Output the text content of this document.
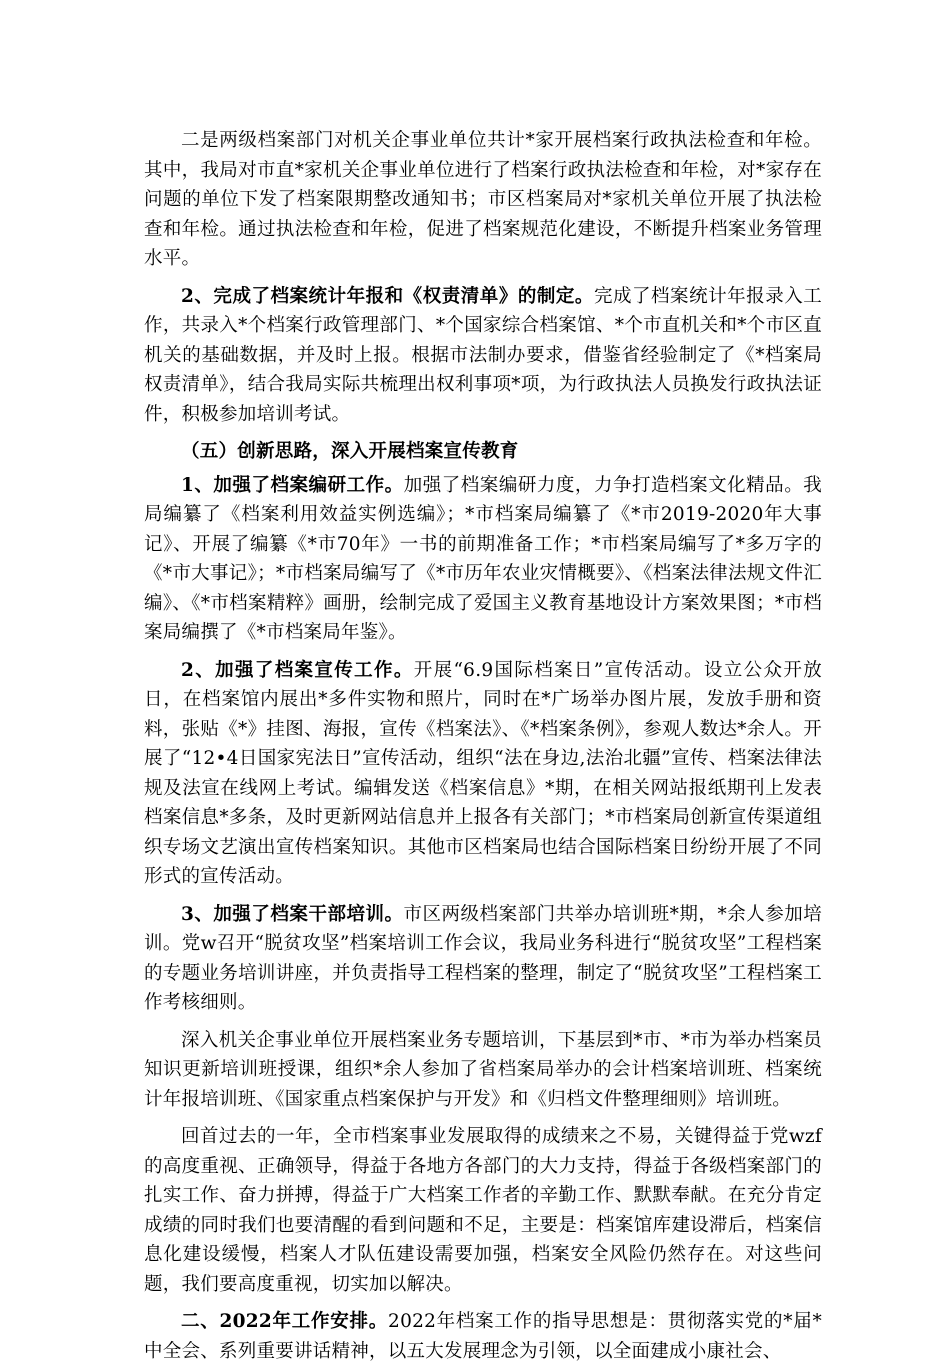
二是两级档案部门对机关企事业单位共计*家开展档案行政执法检查和年检。其中，我局对市直*家机关企事业单位进行了档案行政执法检查和年检，对*家存在问题的单位下发了档案限期整改通知书；市区档案局对*家机关单位开展了执法检查和年检。通过执法检查和年检，促进了档案规范化建设，不断提升档案业务管理水平。

2、完成了档案统计年报和《权责清单》的制定。完成了档案统计年报录入工作，共录入*个档案行政管理部门、*个国家综合档案馆、*个市直机关和*个市区直机关的基础数据，并及时上报。根据市法制办要求，借鉴省经验制定了《*档案局权责清单》，结合我局实际共梳理出权利事项*项，为行政执法人员换发行政执法证件，积极参加培训考试。

（五）创新思路，深入开展档案宣传教育

1、加强了档案编研工作。加强了档案编研力度，力争打造档案文化精品。我局编纂了《档案利用效益实例选编》；*市档案局编纂了《*市2019-2020年大事记》、开展了编纂《*市70年》一书的前期准备工作；*市档案局编写了*多万字的《*市大事记》；*市档案局编写了《*市历年农业灾情概要》、《档案法律法规文件汇编》、《*市档案精粹》画册，绘制完成了爱国主义教育基地设计方案效果图；*市档案局编撰了《*市档案局年鉴》。

2、加强了档案宣传工作。开展“6.9国际档案日”宣传活动。设立公众开放日，在档案馆内展出*多件实物和照片，同时在*广场举办图片展，发放手册和资料，张贴《*》挂图、海报，宣传《档案法》、《*档案条例》，参观人数达*余人。开展了“12•4日国家宪法日”宣传活动，组织“法在身边,法治北疆”宣传、档案法律法规及法宣在线网上考试。编辑发送《档案信息》*期，在相关网站报纸期刊上发表档案信息*多条，及时更新网站信息并上报各有关部门；*市档案局创新宣传渠道组织专场文艺演出宣传档案知识。其他市区档案局也结合国际档案日纷纷开展了不同形式的宣传活动。

3、加强了档案干部培训。市区两级档案部门共举办培训班*期，*余人参加培训。党w召开“脱贫攻坚”档案培训工作会议，我局业务科进行“脱贫攻坚”工程档案的专题业务培训讲座，并负责指导工程档案的整理，制定了“脱贫攻坚”工程档案工作考核细则。

深入机关企事业单位开展档案业务专题培训，下基层到*市、*市为举办档案员知识更新培训班授课，组织*余人参加了省档案局举办的会计档案培训班、档案统计年报培训班、《国家重点档案保护与开发》和《归档文件整理细则》培训班。

回首过去的一年，全市档案事业发展取得的成绩来之不易，关键得益于党wzf的高度重视、正确领导，得益于各地方各部门的大力支持，得益于各级档案部门的扎实工作、奋力拼搏，得益于广大档案工作者的辛勤工作、默默奉献。在充分肯定成绩的同时我们也要清醒的看到问题和不足，主要是：档案馆库建设滞后，档案信息化建设缓慢，档案人才队伍建设需要加强，档案安全风险仍然存在。对这些问题，我们要高度重视，切实加以解决。

二、2022年工作安排。2022年档案工作的指导思想是：贯彻落实党的*届*中全会、系列重要讲话精神，以五大发展理念为引领，以全面建成小康社会、
